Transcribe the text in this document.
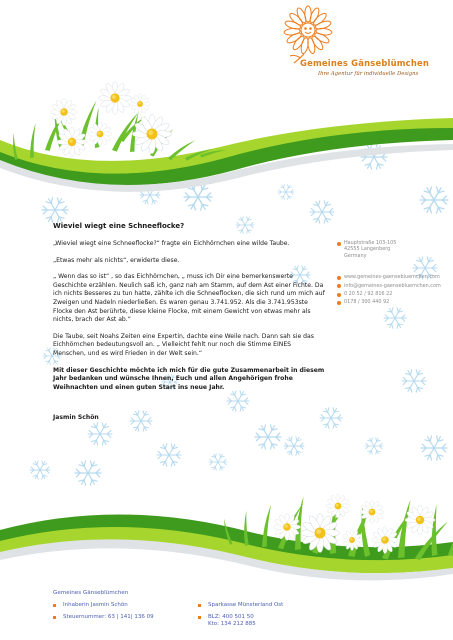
Gemeines Gänseblümchen
Ihre Agentur für individuelle Designs

Wieviel wiegt eine Schneeflocke?

„Wieviel wiegt eine Schneeflocke?“ fragte ein Eichhörnchen eine wilde Taube.

„Etwas mehr als nichts“, erwiderte diese.

„ Wenn das so ist“ , so das Eichhörnchen, „ muss ich Dir eine bemerkenswerte Geschichte erzählen. Neulich saß ich, ganz nah am Stamm, auf dem Ast einer Fichte. Da ich nichts Besseres zu tun hatte, zählte ich die Schneeflocken, die sich rund um mich auf Zweigen und Nadeln niederließen. Es waren genau 3.741.952. Als die 3.741.953ste Flocke den Ast berührte, diese kleine Flocke, mit einem Gewicht von etwas mehr als nichts, brach der Ast ab.“

Die Taube, seit Noahs Zeiten eine Expertin, dachte eine Weile nach. Dann sah sie das Eichhörnchen bedeutungsvoll an. „ Vielleicht fehlt nur noch die Stimme EINES Menschen, und es wird Frieden in der Welt sein.“

Mit dieser Geschichte möchte ich mich für die gute Zusammenarbeit in diesem Jahr bedanken und wünsche Ihnen, Euch und allen Angehörigen frohe Weihnachten und einen guten Start ins neue Jahr.

Jasmin Schön

Hauptstraße 103-105
42555 Langenberg
Germany
www.gemeines-gaensebluemchen.com
info@gemeines-gaensebluemchen.com
0 20 52 / 92 816 22
0178 / 300 440 92
Gemeines Gänseblümchen
Inhaberin Jasmin Schön
Steuernummer: 63 | 141| 136 09
Sparkasse Münsterland Ost
BLZ: 400 501 50
Kto: 134 212 885
